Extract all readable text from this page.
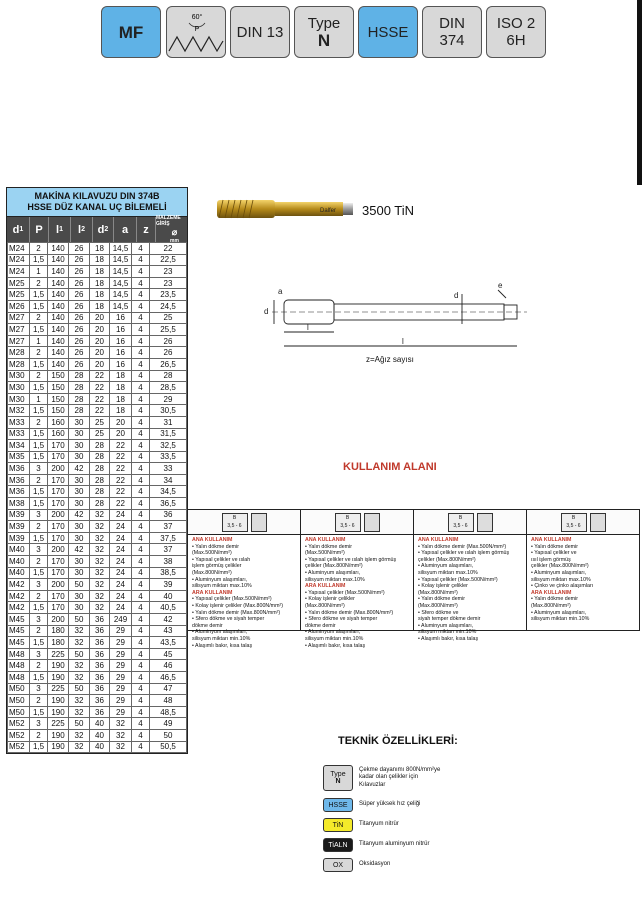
MF
60°
P DIN 13 Type
N HSSE DIN
374
ISO 2
6H
MAKİNA KILAVUZU DIN 374B
HSSE DÜZ KANAL UÇ BİLEMELİ
d 1 P l 1 l 2 d 2 a z
MALZEME GİRİŞ
⌀
mm
M24	2	140	26	18	14,5	4	22
M24	1,5	140	26	18	14,5	4	22,5
M24	1	140	26	18	14,5	4	23
M25	2	140	26	18	14,5	4	23
M25	1,5	140	26	18	14,5	4	23,5
M26	1,5	140	26	18	14,5	4	24,5
M27	2	140	26	20	16	4	25
M27	1,5	140	26	20	16	4	25,5
M27	1	140	26	20	16	4	26
M28	2	140	26	20	16	4	26
M28	1,5	140	26	20	16	4	26,5
M30	2	150	28	22	18	4	28
M30	1,5	150	28	22	18	4	28,5
M30	1	150	28	22	18	4	29
M32	1,5	150	28	22	18	4	30,5
M33	2	160	30	25	20	4	31
M33	1,5	160	30	25	20	4	31,5
M34	1,5	170	30	28	22	4	32,5
M35	1,5	170	30	28	22	4	33,5
M36	3	200	42	28	22	4	33
M36	2	170	30	28	22	4	34
M36	1,5	170	30	28	22	4	34,5
M38	1,5	170	30	28	22	4	36,5
M39	3	200	42	32	24	4	36
M39	2	170	30	32	24	4	37
M39	1,5	170	30	32	24	4	37,5
M40	3	200	42	32	24	4	37
M40	2	170	30	32	24	4	38
M40	1,5	170	30	32	24	4	38,5
M42	3	200	50	32	24	4	39
M42	2	170	30	32	24	4	40
M42	1,5	170	30	32	24	4	40,5
M45	3	200	50	36	249	4	42
M45	2	180	32	36	29	4	43
M45	1,5	180	32	36	29	4	43,5
M48	3	225	50	36	29	4	45
M48	2	190	32	36	29	4	46
M48	1,5	190	32	36	29	4	46,5
M50	3	225	50	36	29	4	47
M50	2	190	32	36	29	4	48
M50	1,5	190	32	36	29	4	48,5
M52	3	225	50	40	32	4	49
M52	2	190	32	40	32	4	50
M52	1,5	190	32	40	32	4	50,5
Dalfer 3500 TiN
d
a	d
l
l
e
z=Ağız sayısı
KULLANIM ALANI
B
3,5 - 6
ANA KULLANIM
• Yalın dökme demir
(Max.500N/mm²)
• Yapısal çelikler ve ıslah
işlem görmüş çelikler
(Max.800N/mm²)
• Aluminyum alaşımları,
silisyum miktarı max.10%
ARA KULLANIM
• Yapısal çelikler (Max.500N/mm²)
• Kolay işlenir çelikler (Max.800N/mm²)
• Yalın dökme demir (Max.800N/mm²)
• Sfero dökme ve siyah temper
dökme demir
• Aluminyum alaşımları,
silisyum miktarı min.10%
• Alaşımlı bakır, kısa talaş
B
3,5 - 6
ANA KULLANIM
• Yalın dökme demir
(Max.500N/mm²)
• Yapısal çelikler ve ıslah işlem görmüş
çelikler (Max.800N/mm²)
• Aluminyum alaşımları,
silisyum miktarı max.10%
ARA KULLANIM
• Yapısal çelikler (Max.500N/mm²)
• Kolay işlenir çelikler
(Max.800N/mm²)
• Yalın dökme demir (Max.800N/mm²)
• Sfero dökme ve siyah temper
dökme demir
• Aluminyum alaşımları,
silisyum miktarı min.10%
• Alaşımlı bakır, kısa talaş
B
3,5 - 6
ANA KULLANIM
• Yalın dökme demir (Max.500N/mm²)
• Yapısal çelikler ve ıslah işlem görmüş
çelikler (Max.800N/mm²)
• Aluminyum alaşımları,
silisyum miktarı max.10%
• Yapısal çelikler (Max.500N/mm²)
• Kolay işlenir çelikler
(Max.800N/mm²)
• Yalın dökme demir
(Max.800N/mm²)
• Sfero dökme ve
siyah temper dökme demir
• Aluminyum alaşımları,
silisyum miktarı min.10%
• Alaşımlı bakır, kısa talaş
B
3,5 - 6
ANA KULLANIM
• Yalın dökme demir
• Yapısal çelikler ve
ısıl işlem görmüş
çelikler (Max.800N/mm²)
• Aluminyum alaşımları,
silisyum miktarı max.10%
• Çinko ve çinko alaşımları
ARA KULLANIM
• Yalın dökme demir
(Max.800N/mm²)
• Aluminyum alaşımları,
silisyum miktarı min.10%
TEKNİK ÖZELLİKLERİ:
Type
N
Çekme dayanımı 800N/mm²ye
kadar olan çelikler için
Kılavuzlar
HSSE	Süper yüksek hız çeliği
TiN	Titanyum nitrür
TiALN	Titanyum aluminyum nitrür
OX	Oksidasyon
